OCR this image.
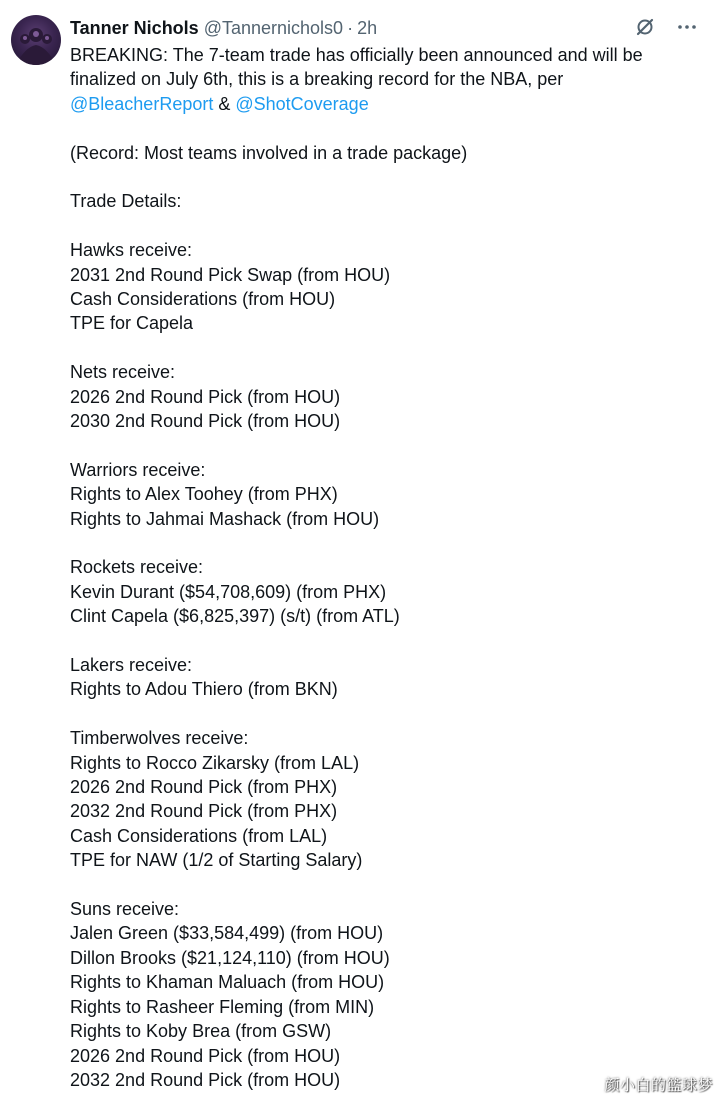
Tanner Nichols @Tannernichols0 · 2h
BREAKING: The 7-team trade has officially been announced and will be
finalized on July 6th, this is a breaking record for the NBA, per
@BleacherReport & @ShotCoverage
(Record: Most teams involved in a trade package)
Trade Details:
Hawks receive:
2031 2nd Round Pick Swap (from HOU)
Cash Considerations (from HOU)
TPE for Capela
Nets receive:
2026 2nd Round Pick (from HOU)
2030 2nd Round Pick (from HOU)
Warriors receive:
Rights to Alex Toohey (from PHX)
Rights to Jahmai Mashack (from HOU)
Rockets receive:
Kevin Durant ($54,708,609) (from PHX)
Clint Capela ($6,825,397) (s/t) (from ATL)
Lakers receive:
Rights to Adou Thiero (from BKN)
Timberwolves receive:
Rights to Rocco Zikarsky (from LAL)
2026 2nd Round Pick (from PHX)
2032 2nd Round Pick (from PHX)
Cash Considerations (from LAL)
TPE for NAW (1/2 of Starting Salary)
Suns receive:
Jalen Green ($33,584,499) (from HOU)
Dillon Brooks ($21,124,110) (from HOU)
Rights to Khaman Maluach (from HOU)
Rights to Rasheer Fleming (from MIN)
Rights to Koby Brea (from GSW)
2026 2nd Round Pick (from HOU)
2032 2nd Round Pick (from HOU)	颜小白的篮球梦
